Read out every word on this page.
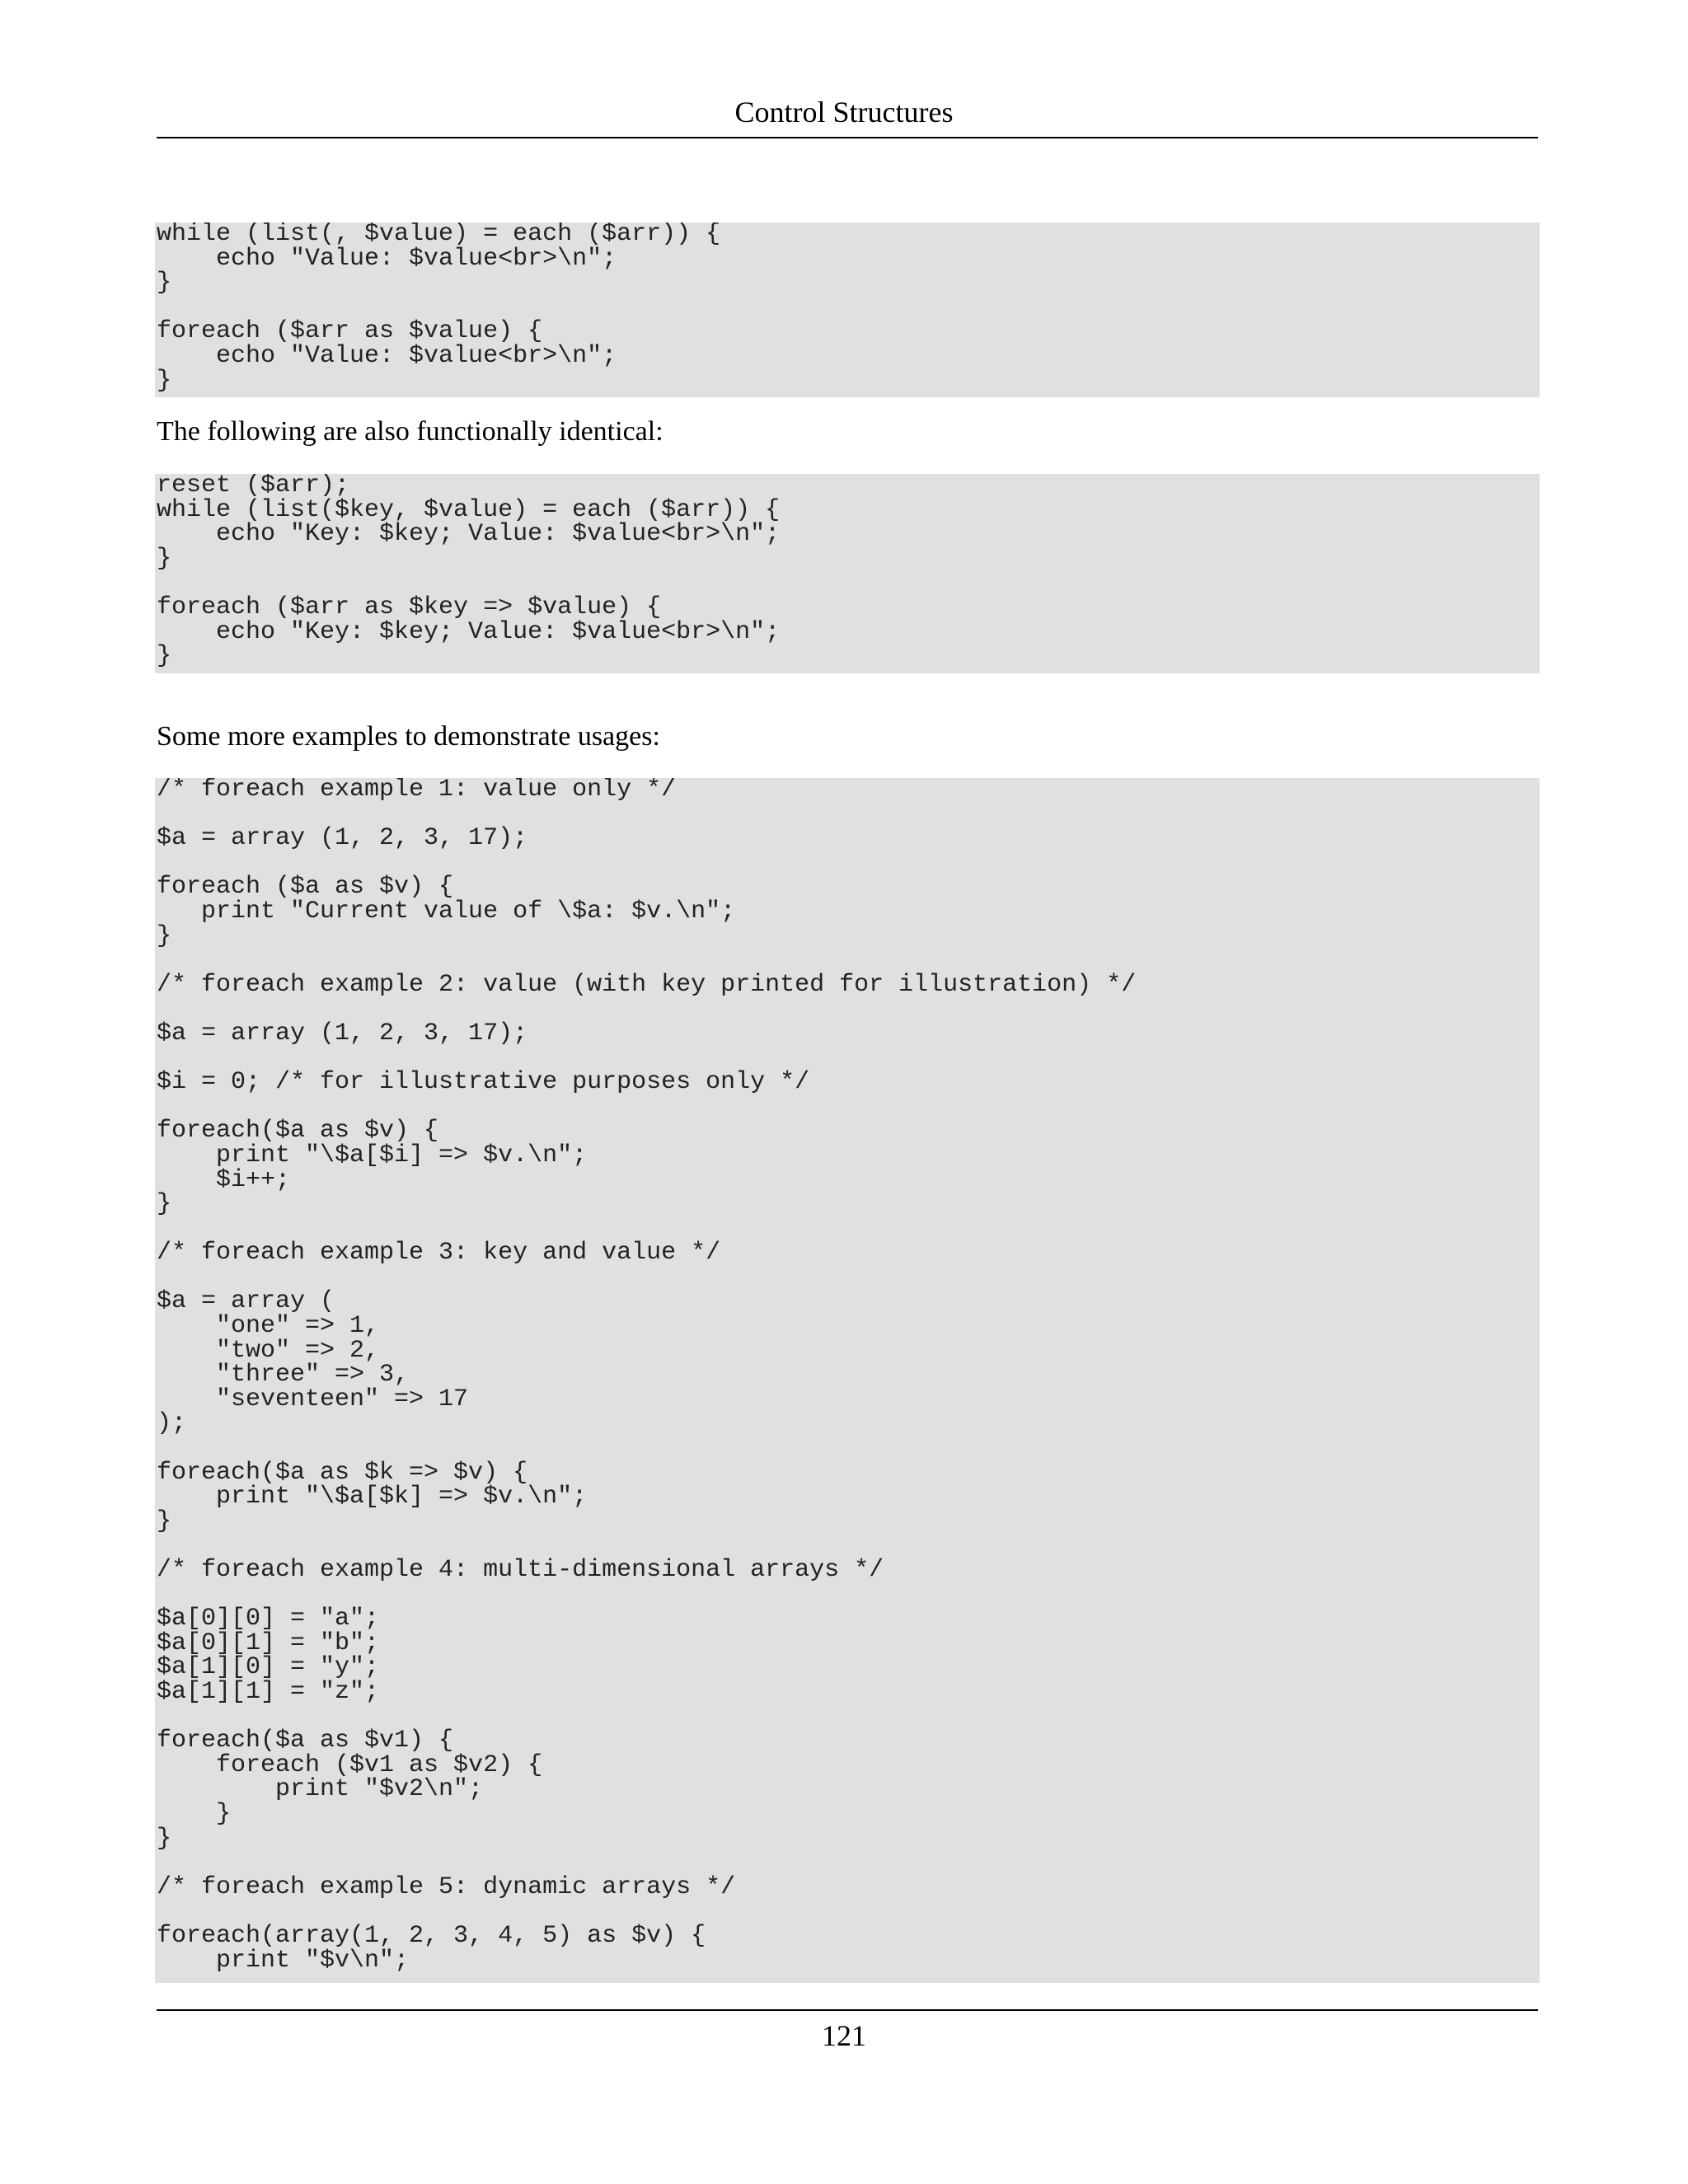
Control Structures
while (list(, $value) = each ($arr)) {
echo "Value: $value<br>\n";
}
foreach ($arr as $value) {
echo "Value: $value<br>\n";
}
The following are also functionally identical:
reset ($arr);
while (list($key, $value) = each ($arr)) {
echo "Key: $key; Value: $value<br>\n";
}
foreach ($arr as $key => $value) {
echo "Key: $key; Value: $value<br>\n";
}
Some more examples to demonstrate usages:
/* foreach example 1: value only */
$a = array (1, 2, 3, 17);
foreach ($a as $v) {
print "Current value of \$a: $v.\n";
}
/* foreach example 2: value (with key printed for illustration) */
$a = array (1, 2, 3, 17);
$i = 0; /* for illustrative purposes only */
foreach($a as $v) {
print "\$a[$i] => $v.\n";
$i++;
}
/* foreach example 3: key and value */
$a = array (
"one" => 1,
"two" => 2,
"three" => 3,
"seventeen" => 17
);
foreach($a as $k => $v) {
print "\$a[$k] => $v.\n";
}
/* foreach example 4: multi-dimensional arrays */
$a[0][0] = "a";
$a[0][1] = "b";
$a[1][0] = "y";
$a[1][1] = "z";
foreach($a as $v1) {
foreach ($v1 as $v2) {
print "$v2\n";
}
}
/* foreach example 5: dynamic arrays */
foreach(array(1, 2, 3, 4, 5) as $v) {
print "$v\n";
121
